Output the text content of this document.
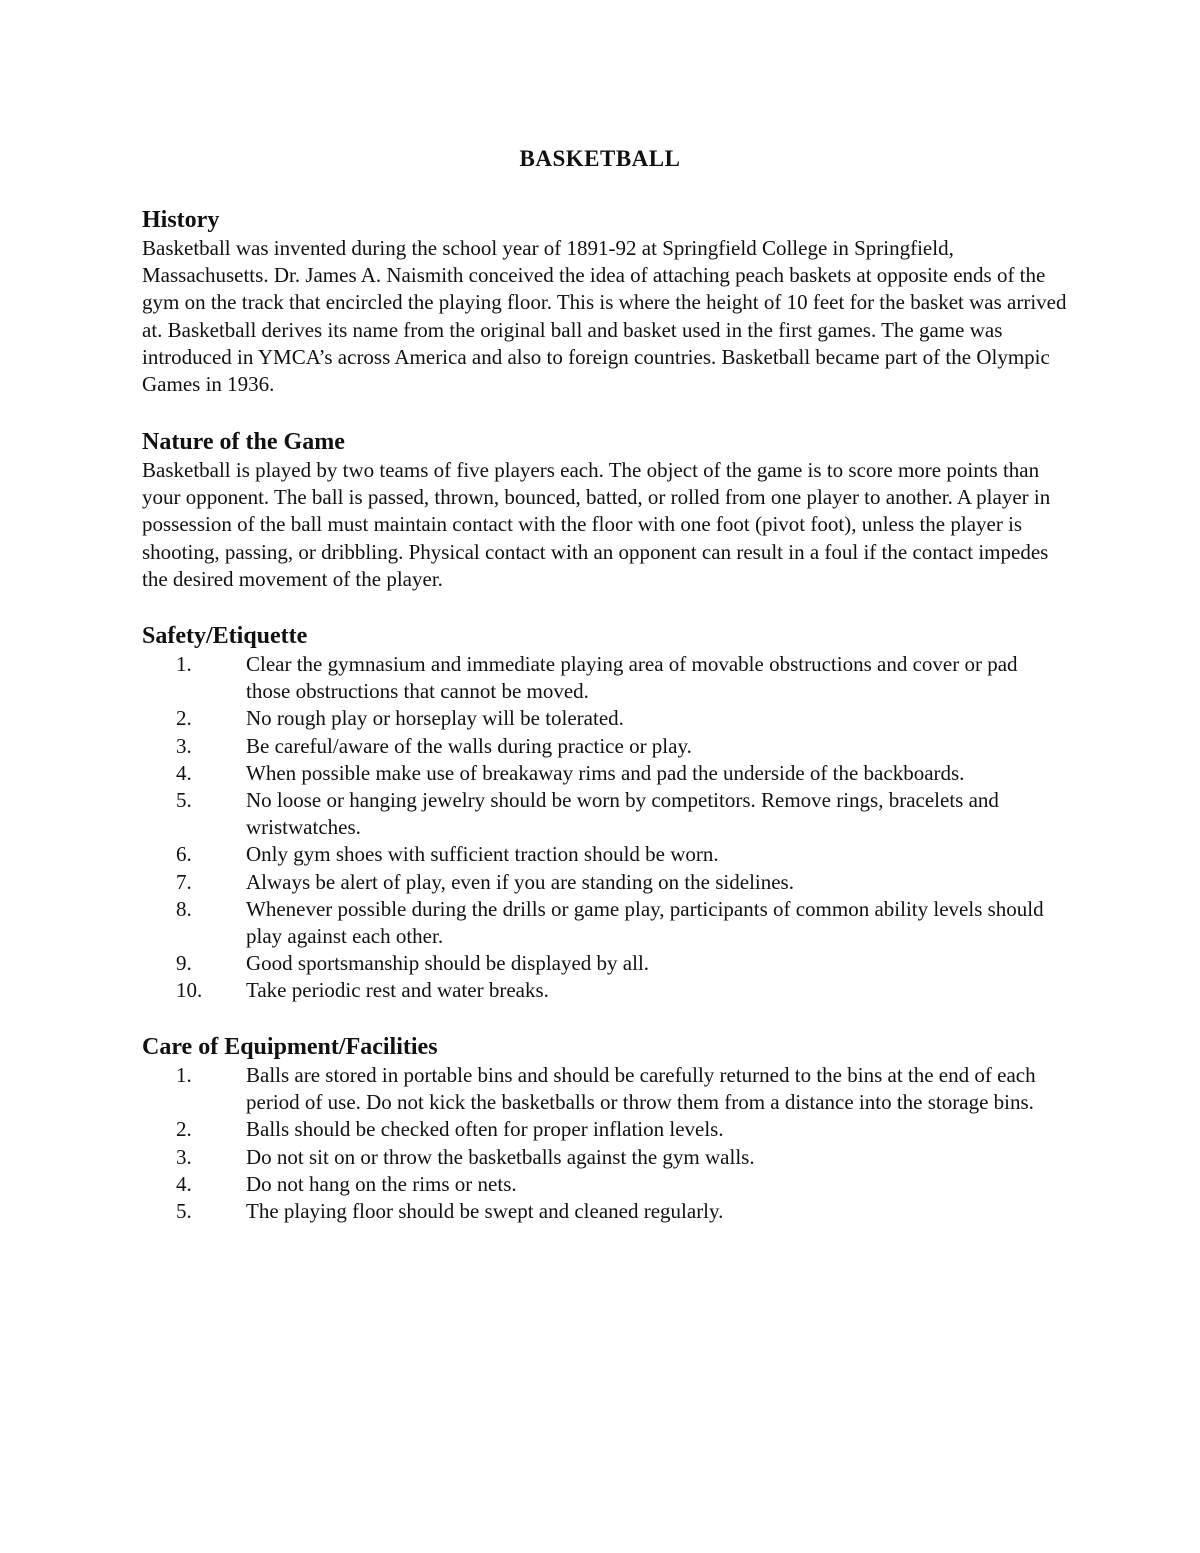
BASKETBALL
History
Basketball was invented during the school year of 1891-92 at Springfield College in Springfield, Massachusetts. Dr. James A. Naismith conceived the idea of attaching peach baskets at opposite ends of the gym on the track that encircled the playing floor. This is where the height of 10 feet for the basket was arrived at. Basketball derives its name from the original ball and basket used in the first games. The game was introduced in YMCA’s across America and also to foreign countries. Basketball became part of the Olympic Games in 1936.
Nature of the Game
Basketball is played by two teams of five players each. The object of the game is to score more points than your opponent. The ball is passed, thrown, bounced, batted, or rolled from one player to another. A player in possession of the ball must maintain contact with the floor with one foot (pivot foot), unless the player is shooting, passing, or dribbling. Physical contact with an opponent can result in a foul if the contact impedes the desired movement of the player.
Safety/Etiquette
1.	Clear the gymnasium and immediate playing area of movable obstructions and cover or pad those obstructions that cannot be moved.
2.	No rough play or horseplay will be tolerated.
3.	Be careful/aware of the walls during practice or play.
4.	When possible make use of breakaway rims and pad the underside of the backboards.
5.	No loose or hanging jewelry should be worn by competitors. Remove rings, bracelets and wristwatches.
6.	Only gym shoes with sufficient traction should be worn.
7.	Always be alert of play, even if you are standing on the sidelines.
8.	Whenever possible during the drills or game play, participants of common ability levels should play against each other.
9.	Good sportsmanship should be displayed by all.
10.	Take periodic rest and water breaks.
Care of Equipment/Facilities
1.	Balls are stored in portable bins and should be carefully returned to the bins at the end of each period of use. Do not kick the basketballs or throw them from a distance into the storage bins.
2.	Balls should be checked often for proper inflation levels.
3.	Do not sit on or throw the basketballs against the gym walls.
4.	Do not hang on the rims or nets.
5.	The playing floor should be swept and cleaned regularly.
